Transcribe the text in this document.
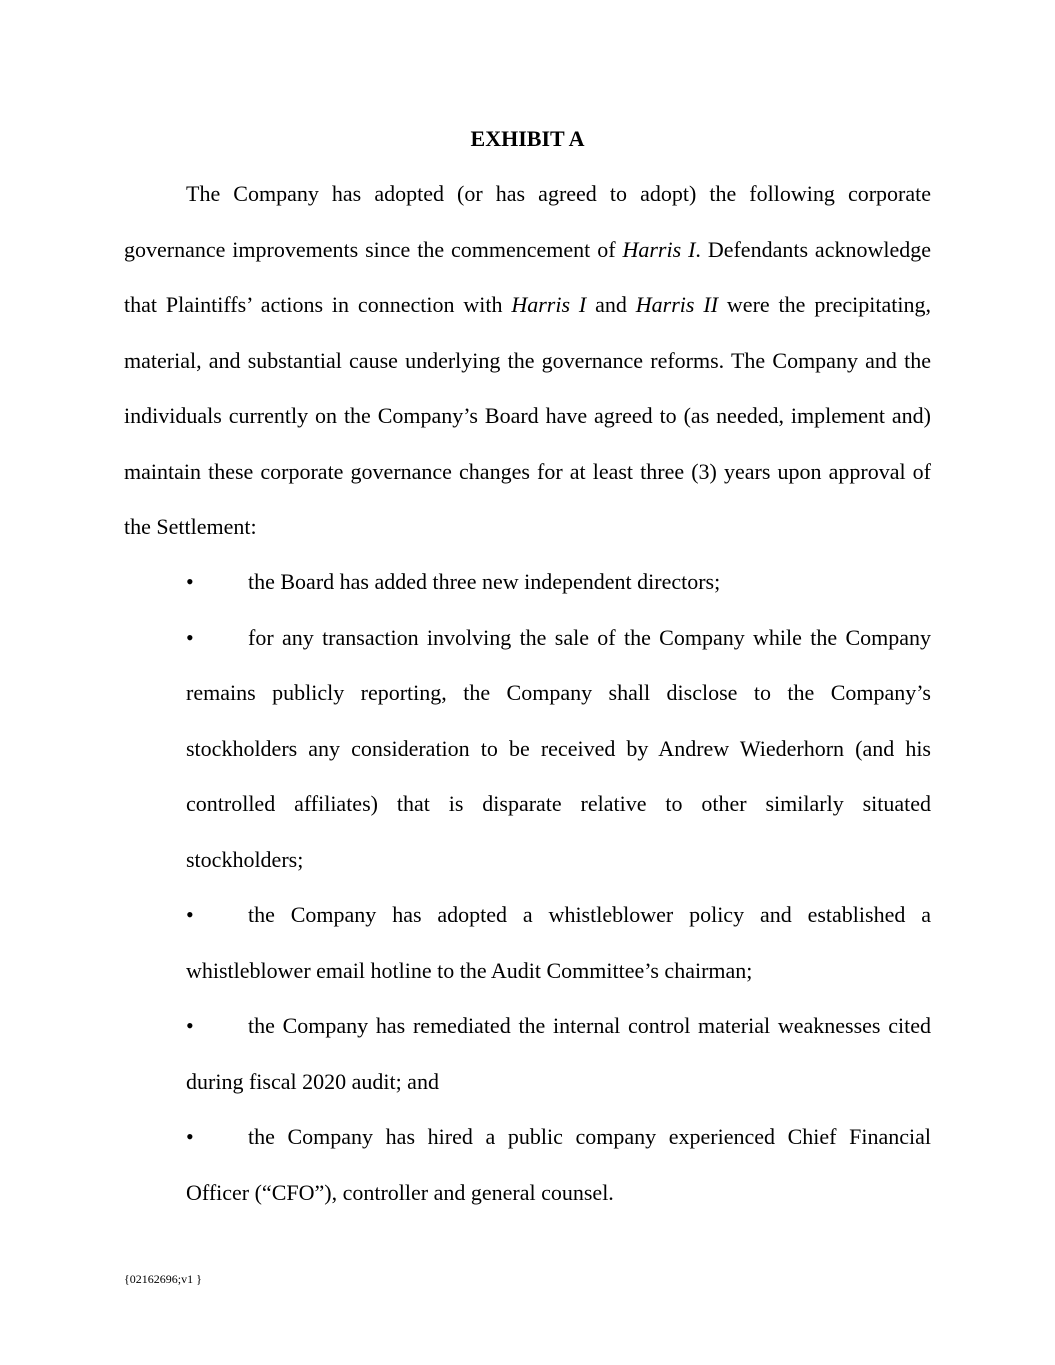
EXHIBIT A

The Company has adopted (or has agreed to adopt) the following corporate governance improvements since the commencement of Harris I. Defendants acknowledge that Plaintiffs’ actions in connection with Harris I and Harris II were the precipitating, material, and substantial cause underlying the governance reforms. The Company and the individuals currently on the Company’s Board have agreed to (as needed, implement and) maintain these corporate governance changes for at least three (3) years upon approval of the Settlement:

• the Board has added three new independent directors;
• for any transaction involving the sale of the Company while the Company remains publicly reporting, the Company shall disclose to the Company’s stockholders any consideration to be received by Andrew Wiederhorn (and his controlled affiliates) that is disparate relative to other similarly situated stockholders;
• the Company has adopted a whistleblower policy and established a whistleblower email hotline to the Audit Committee’s chairman;
• the Company has remediated the internal control material weaknesses cited during fiscal 2020 audit; and
• the Company has hired a public company experienced Chief Financial Officer (“CFO”), controller and general counsel.
{02162696;v1 }
